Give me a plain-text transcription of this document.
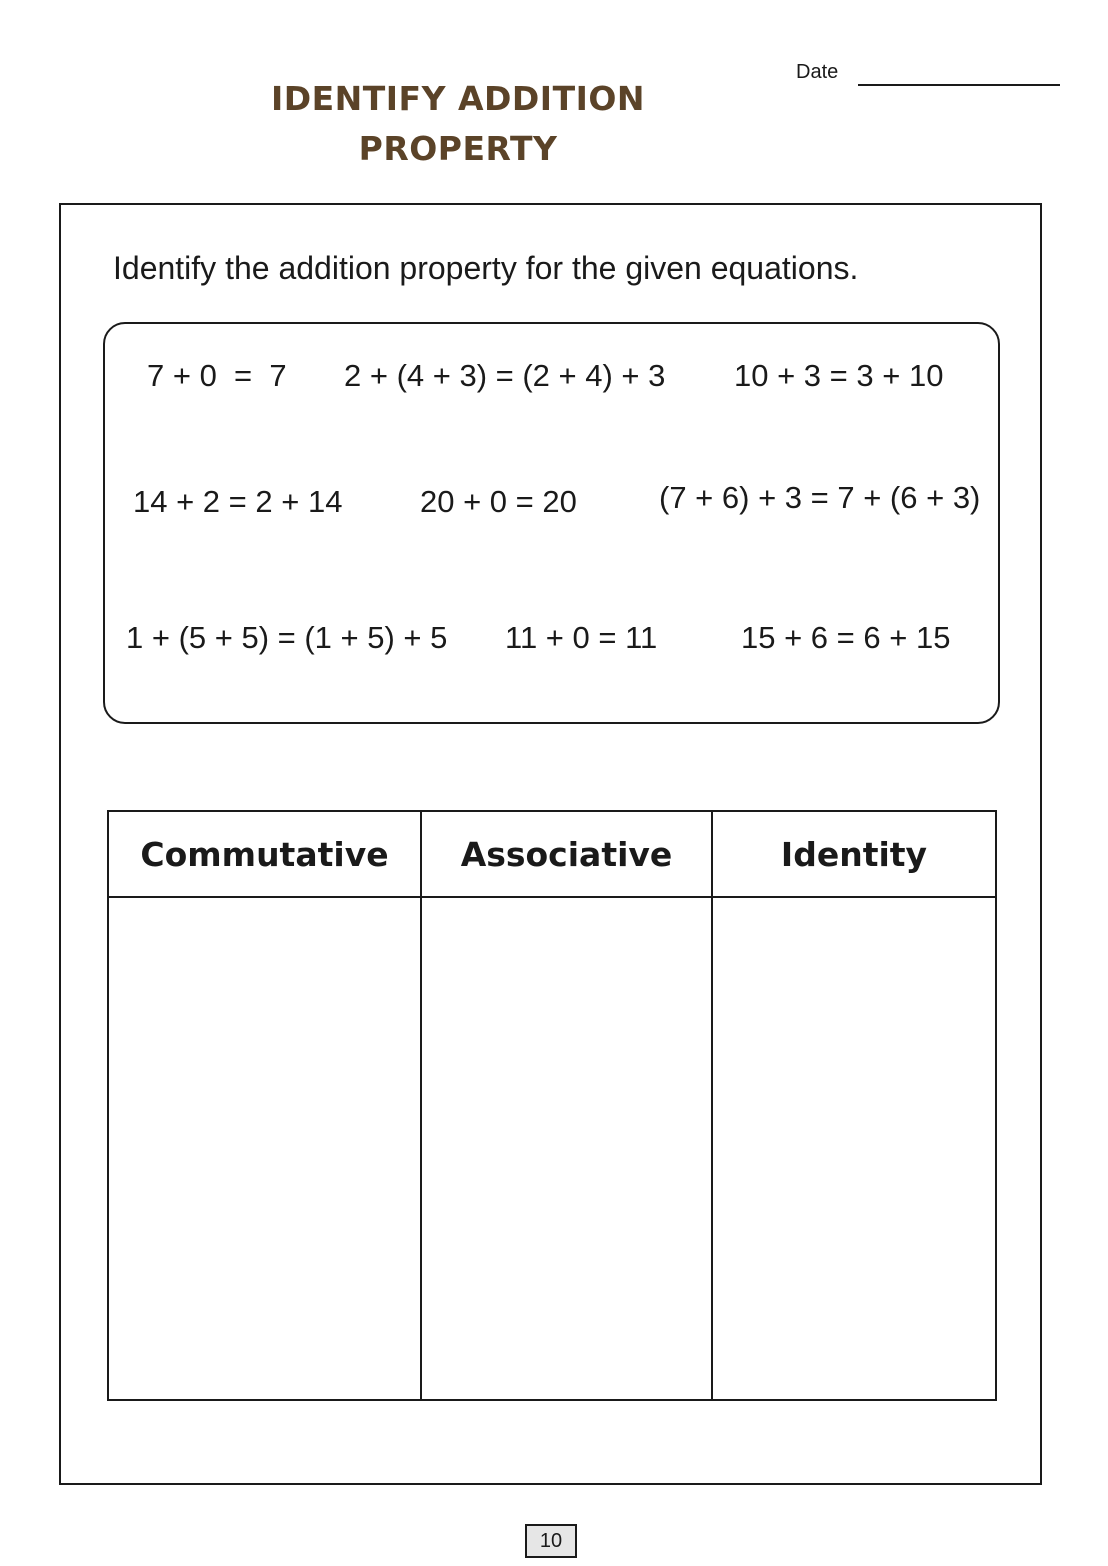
IDENTIFY ADDITION
PROPERTY
Date
Identify the addition property for the given equations.
7 + 0  =  7 2 + (4 + 3) = (2 + 4) + 3 10 + 3 = 3 + 10
14 + 2 = 2 + 14	20 + 0 = 20	(7 + 6) + 3 = 7 + (6 + 3)
1 + (5 + 5) = (1 + 5) + 5 11 + 0 = 11	15 + 6 = 6 + 15
Commutative	Associative	Identity

10
